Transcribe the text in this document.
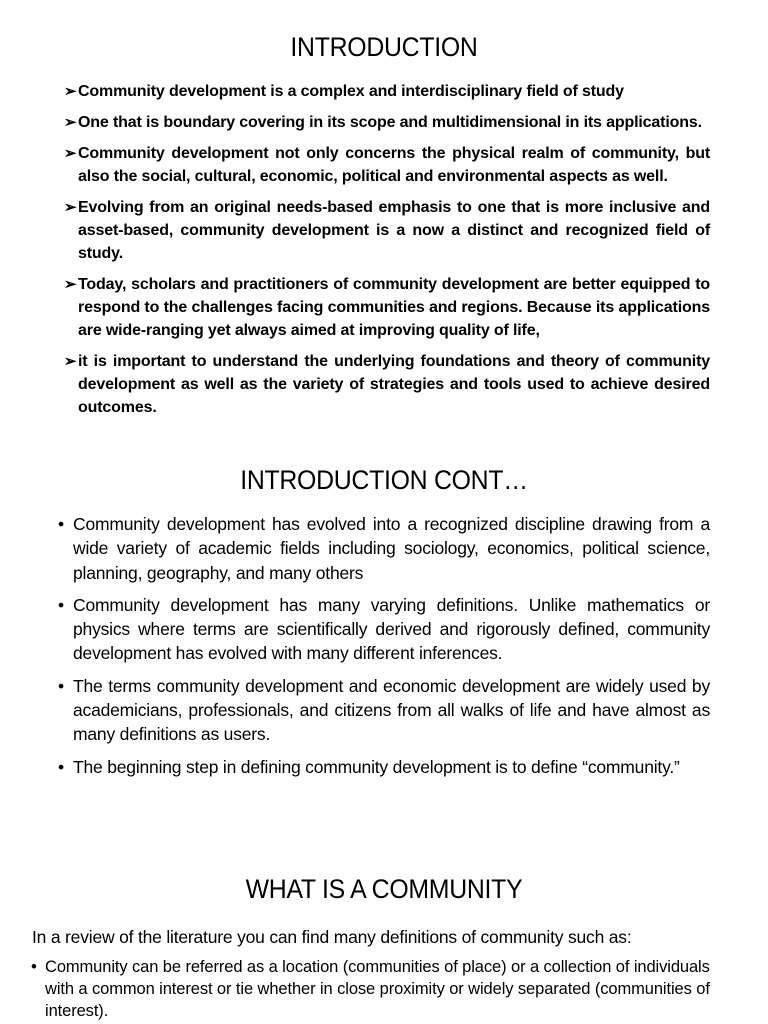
INTRODUCTION
➢ Community development is a complex and interdisciplinary field of study
➢ One that is boundary covering in its scope and multidimensional in its applications.
➢ Community development not only concerns the physical realm of community, but also the social, cultural, economic, political and environmental aspects as well.
➢ Evolving from an original needs-based emphasis to one that is more inclusive and asset-based, community development is a now a distinct and recognized field of study.
➢ Today, scholars and practitioners of community development are better equipped to respond to the challenges facing communities and regions. Because its applications are wide-ranging yet always aimed at improving quality of life,
➢ it is important to understand the underlying foundations and theory of community development as well as the variety of strategies and tools used to achieve desired outcomes.
INTRODUCTION CONT…
• Community development has evolved into a recognized discipline drawing from a wide variety of academic fields including sociology, economics, political science, planning, geography, and many others
• Community development has many varying definitions. Unlike mathematics or physics where terms are scientifically derived and rigorously defined, community development has evolved with many different inferences.
• The terms community development and economic development are widely used by academicians, professionals, and citizens from all walks of life and have almost as many definitions as users.
• The beginning step in defining community development is to define “community.”
WHAT IS A COMMUNITY

In a review of the literature you can find many definitions of community such as:

• Community can be referred as a location (communities of place) or a collection of individuals with a common interest or tie whether in close proximity or widely separated (communities of interest).
